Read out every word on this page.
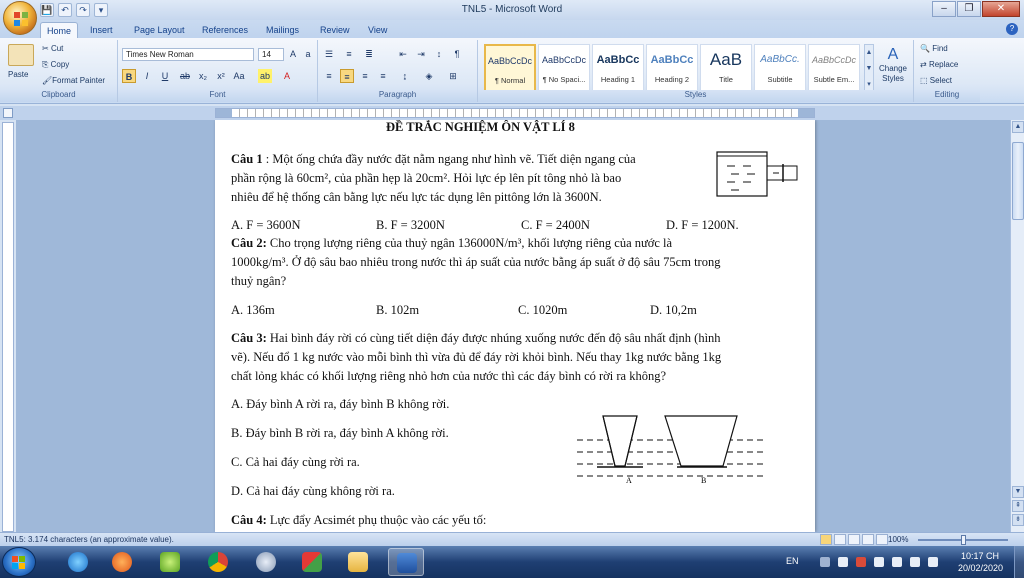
💾 ↶	↷	▾	TNL5 - Microsoft Word	–	❐	✕
Home	Insert	Page Layout	References	Mailings	Review	View	?
Paste
✂ Cut
⎘ Copy
🖌Format Painter
Clipboard
Times New Roman	14	A	a
B	I	U	ab	x₂	x² Aa ab	A
Font
☰	≡	≣	⇤	⇥	↕	¶
≡	≡	≡	≡	↨	◈	⊞
Paragraph
AaBbCcDc
¶ Normal
AaBbCcDc
¶ No Spaci...
AaBbCc
Heading 1
AaBbCc
Heading 2
AaB
Title
AaBbCc.
Subtitle
AaBbCcDc
Subtle Em...
▲
▼
▾
A
Change Styles
Styles
🔍 Find
⇄ Replace
⬚ Select
Editing

ĐỀ TRẮC NGHIỆM ÔN VẬT LÍ 8

Câu 1 : Một ống chứa đầy nước đặt nằm ngang như hình vẽ. Tiết diện ngang của

phần rộng là 60cm², của phần hẹp là 20cm². Hỏi lực ép lên pít tông nhỏ là bao

nhiêu để hệ thống cân bằng lực nếu lực tác dụng lên pittông lớn là 3600N.

A. F = 3600N	B. F = 3200N	C. F = 2400N	D. F = 1200N.

Câu 2: Cho trọng lượng riêng của thuỷ ngân 136000N/m³, khối lượng riêng của nước là

1000kg/m³. Ở độ sâu bao nhiêu trong nước thì áp suất của nước bằng áp suất ở độ sâu 75cm trong

thuỷ ngân?

A. 136m	B. 102m	C. 1020m	D. 10,2m

Câu 3: Hai bình đáy rời có cùng tiết diện đáy được nhúng xuống nước đến độ sâu nhất định (hình

vẽ). Nếu đổ 1 kg nước vào mỗi bình thì vừa đủ để đáy rời khỏi bình. Nếu thay 1kg nước bằng 1kg

chất lỏng khác có khối lượng riêng nhỏ hơn của nước thì các đáy bình có rời ra không?

A. Đáy bình A rời ra, đáy bình B không rời.
B. Đáy bình B rời ra, đáy bình A không rời.
C. Cả hai đáy cùng rời ra.
D. Cả hai đáy cùng không rời ra.

Câu 4: Lực đẩy Acsimét phụ thuộc vào các yếu tố:

A	B
▲
▼
⇞
⇟
TNL5: 3.174 characters (an approximate value).	100%
EN	10:17 CH
20/02/2020
